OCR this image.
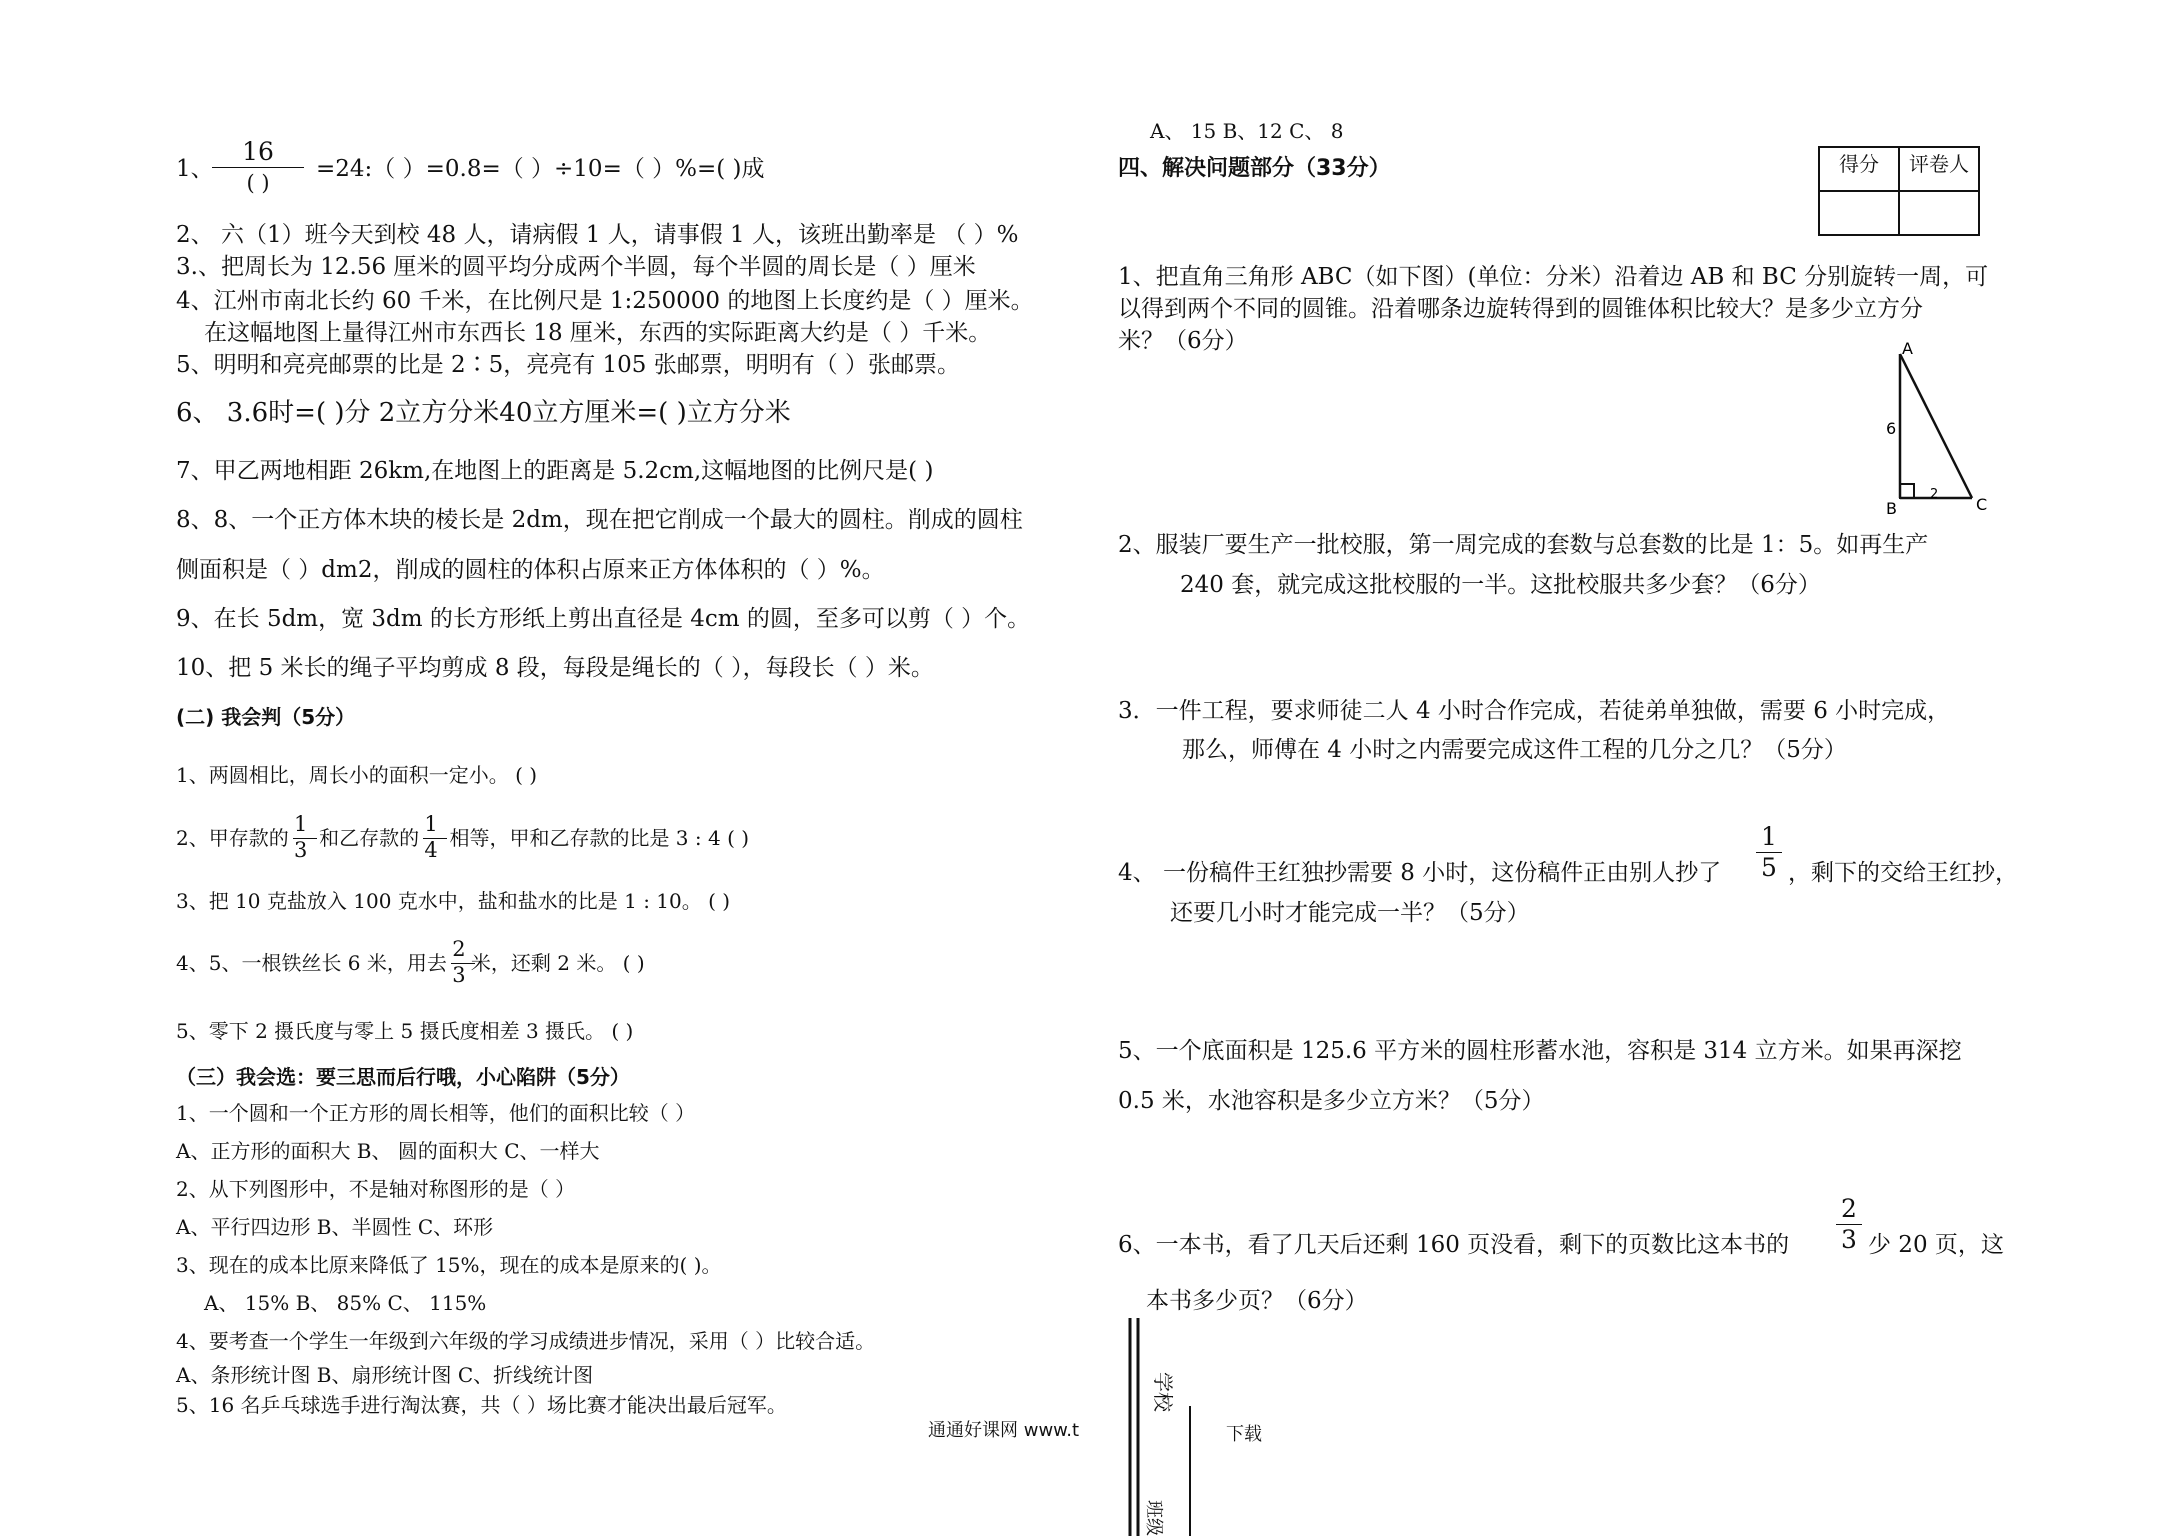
1、
16
( )
=24:（ ）=0.8=（ ）÷10=（ ）%=( )成
2、 六（1）班今天到校 48 人，请病假 1 人，请事假 1 人，该班出勤率是 （ ）%
3.、把周长为 12.56 厘米的圆平均分成两个半圆，每个半圆的周长是（ ）厘米
4、江州市南北长约 60 千米，在比例尺是 1:250000 的地图上长度约是（ ）厘米。
在这幅地图上量得江州市东西长 18 厘米，东西的实际距离大约是（ ）千米。
5、明明和亮亮邮票的比是 2∶5，亮亮有 105 张邮票，明明有（ ）张邮票。
6、 3.6时=( )分 2立方分米40立方厘米=( )立方分米
7、甲乙两地相距 26km,在地图上的距离是 5.2cm,这幅地图的比例尺是( )
8、8、一个正方体木块的棱长是 2dm，现在把它削成一个最大的圆柱。削成的圆柱
侧面积是（ ）dm2，削成的圆柱的体积占原来正方体体积的（ ）%。
9、在长 5dm，宽 3dm 的长方形纸上剪出直径是 4cm 的圆，至多可以剪（ ）个。
10、把 5 米长的绳子平均剪成 8 段，每段是绳长的（ ），每段长（ ）米。
(二) 我会判（5分）
1、两圆相比，周长小的面积一定小。 ( )
2、甲存款的 $\frac{1}{3}$ 和乙存款的 $\frac{1}{4}$ 相等，甲和乙存款的比是 3 : 4 ( )
3、把 10 克盐放入 100 克水中，盐和盐水的比是 1 : 10。 ( )
4、5、一根铁丝长 6 米，用去 $\frac{2}{3}$ 米，还剩 2 米。 ( )
5、零下 2 摄氏度与零上 5 摄氏度相差 3 摄氏。 ( )
（三）我会选：要三思而后行哦，小心陷阱（5分）
1、一个圆和一个正方形的周长相等，他们的面积比较（ ）
A、正方形的面积大 B、 圆的面积大 C、一样大
2、从下列图形中，不是轴对称图形的是（ ）
A、平行四边形 B、半圆性 C、环形
3、现在的成本比原来降低了 15%，现在的成本是原来的( )。
A、 15% B、 85% C、 115%
4、要考查一个学生一年级到六年级的学习成绩进步情况，采用（ ）比较合适。
A、条形统计图 B、扇形统计图 C、折线统计图
5、16 名乒乓球选手进行淘汰赛，共（ ）场比赛才能决出最后冠军。
通通好课网 www.t
A、 15 B、12 C、 8
四、解决问题部分（33分）	得分	评卷人

1、把直角三角形 ABC（如下图）(单位：分米）沿着边 AB 和 BC 分别旋转一周，可
以得到两个不同的圆锥。沿着哪条边旋转得到的圆锥体积比较大？是多少立方分
米？（6分）	A
B	C
6
2
2、服装厂要生产一批校服，第一周完成的套数与总套数的比是 1：5。如再生产
240 套，就完成这批校服的一半。这批校服共多少套？（6分）
3．一件工程，要求师徒二人 4 小时合作完成，若徒弟单独做，需要 6 小时完成，
那么，师傅在 4 小时之内需要完成这件工程的几分之几？（5分）
4、 一份稿件王红独抄需要 8 小时，这份稿件正由别人抄了
1
5 ，剩下的交给王红抄，
还要几小时才能完成一半？（5分）
5、一个底面积是 125.6 平方米的圆柱形蓄水池，容积是 314 立方米。如果再深挖
0.5 米，水池容积是多少立方米？（5分）
6、一本书，看了几天后还剩 160 页没看，剩下的页数比这本书的
2
3 少 20 页，这
本书多少页？（6分）
学校
下载
班级
